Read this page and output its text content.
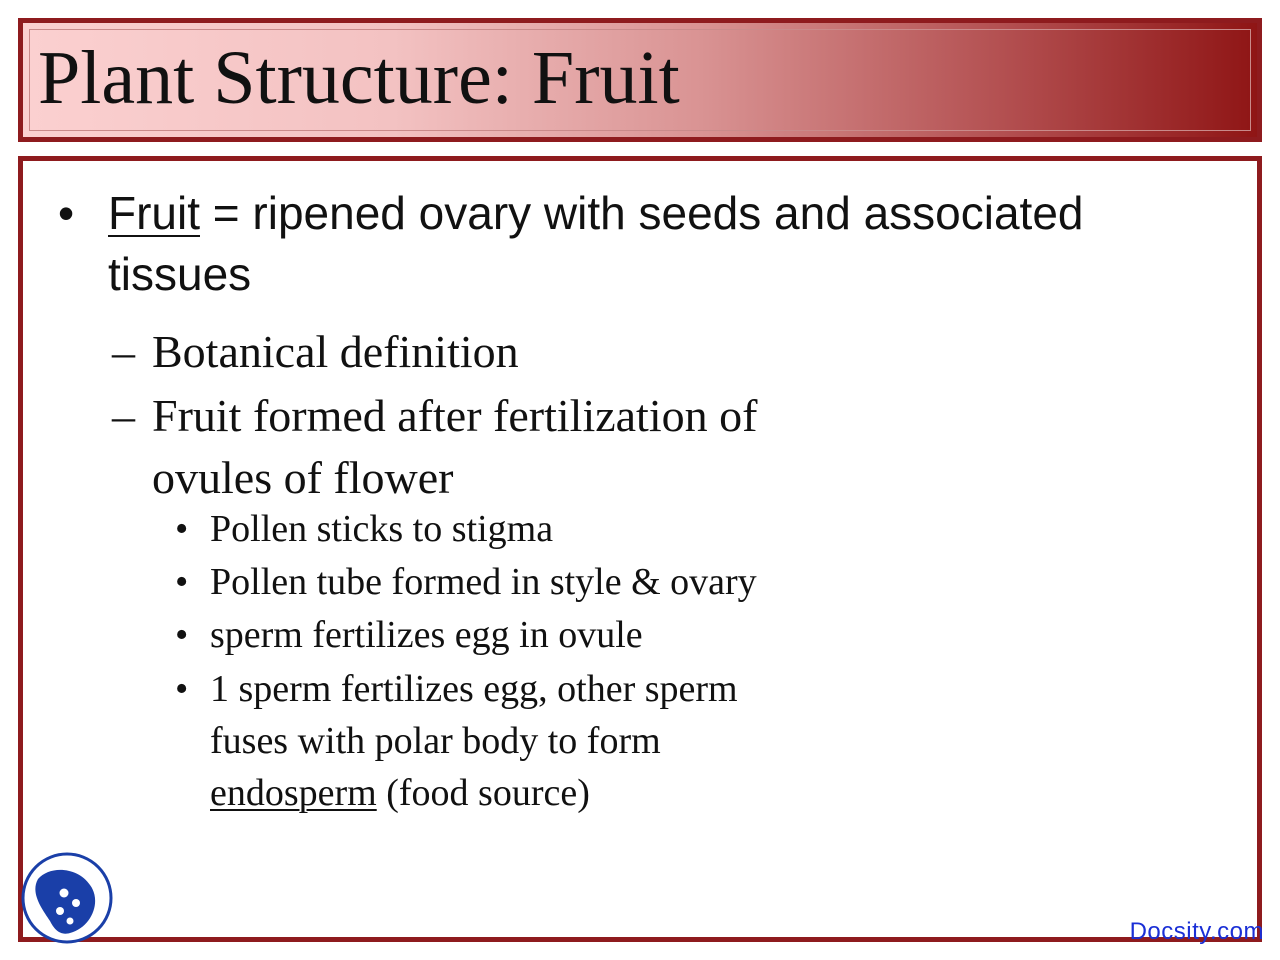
Plant Structure: Fruit
• Fruit = ripened ovary with seeds and associated tissues
– Botanical definition
– Fruit formed after fertilization of ovules of flower
• Pollen sticks to stigma
• Pollen tube formed in style & ovary
• sperm fertilizes egg in ovule
• 1 sperm fertilizes egg, other sperm fuses with polar body to form endosperm (food source)
Docsity.com
